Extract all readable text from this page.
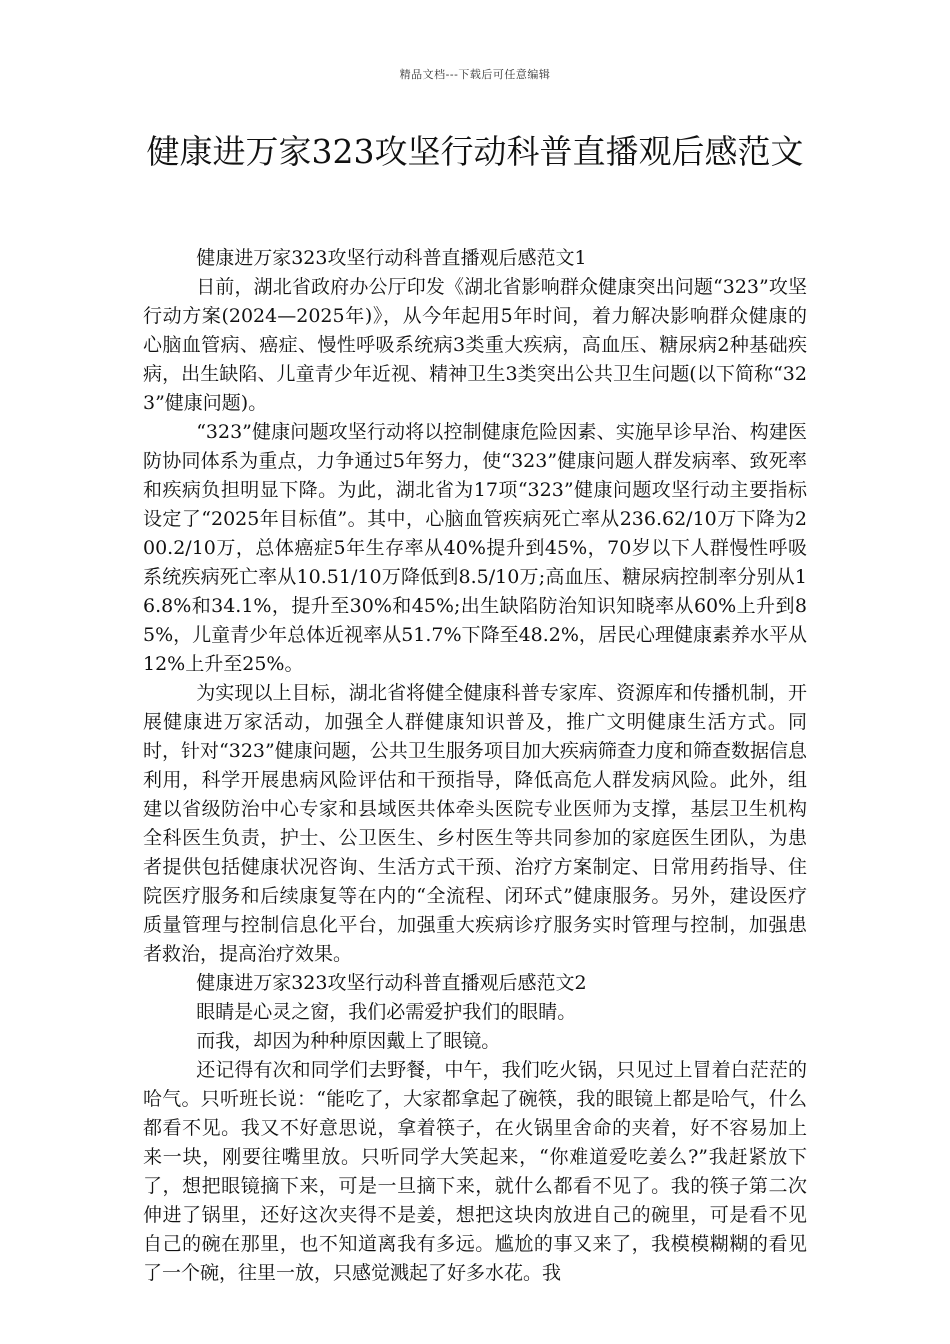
精品文档---下载后可任意编辑
健康进万家323攻坚行动科普直播观后感范文

健康进万家323攻坚行动科普直播观后感范文1

日前，湖北省政府办公厅印发《湖北省影响群众健康突出问题“323”攻坚行动方案(2024—2025年)》，从今年起用5年时间，着力解决影响群众健康的心脑血管病、癌症、慢性呼吸系统病3类重大疾病，高血压、糖尿病2种基础疾病，出生缺陷、儿童青少年近视、精神卫生3类突出公共卫生问题(以下简称“323”健康问题)。

“323”健康问题攻坚行动将以控制健康危险因素、实施早诊早治、构建医防协同体系为重点，力争通过5年努力，使“323”健康问题人群发病率、致死率和疾病负担明显下降。为此，湖北省为17项“323”健康问题攻坚行动主要指标设定了“2025年目标值”。其中，心脑血管疾病死亡率从236.62/10万下降为200.2/10万，总体癌症5年生存率从40%提升到45%，70岁以下人群慢性呼吸系统疾病死亡率从10.51/10万降低到8.5/10万;高血压、糖尿病控制率分别从16.8%和34.1%，提升至30%和45%;出生缺陷防治知识知晓率从60%上升到85%，儿童青少年总体近视率从51.7%下降至48.2%，居民心理健康素养水平从12%上升至25%。

为实现以上目标，湖北省将健全健康科普专家库、资源库和传播机制，开展健康进万家活动，加强全人群健康知识普及，推广文明健康生活方式。同时，针对“323”健康问题，公共卫生服务项目加大疾病筛查力度和筛查数据信息利用，科学开展患病风险评估和干预指导，降低高危人群发病风险。此外，组建以省级防治中心专家和县域医共体牵头医院专业医师为支撑，基层卫生机构全科医生负责，护士、公卫医生、乡村医生等共同参加的家庭医生团队，为患者提供包括健康状况咨询、生活方式干预、治疗方案制定、日常用药指导、住院医疗服务和后续康复等在内的“全流程、闭环式”健康服务。另外，建设医疗质量管理与控制信息化平台，加强重大疾病诊疗服务实时管理与控制，加强患者救治，提高治疗效果。

健康进万家323攻坚行动科普直播观后感范文2

眼睛是心灵之窗，我们必需爱护我们的眼睛。

而我，却因为种种原因戴上了眼镜。

还记得有次和同学们去野餐，中午，我们吃火锅，只见过上冒着白茫茫的哈气。只听班长说：“能吃了，大家都拿起了碗筷，我的眼镜上都是哈气，什么都看不见。我又不好意思说，拿着筷子，在火锅里舍命的夹着，好不容易加上来一块，刚要往嘴里放。只听同学大笑起来，“你难道爱吃姜么?”我赶紧放下了，想把眼镜摘下来，可是一旦摘下来，就什么都看不见了。我的筷子第二次伸进了锅里，还好这次夹得不是姜，想把这块肉放进自己的碗里，可是看不见自己的碗在那里，也不知道离我有多远。尴尬的事又来了，我模模糊糊的看见了一个碗，往里一放，只感觉溅起了好多水花。我
